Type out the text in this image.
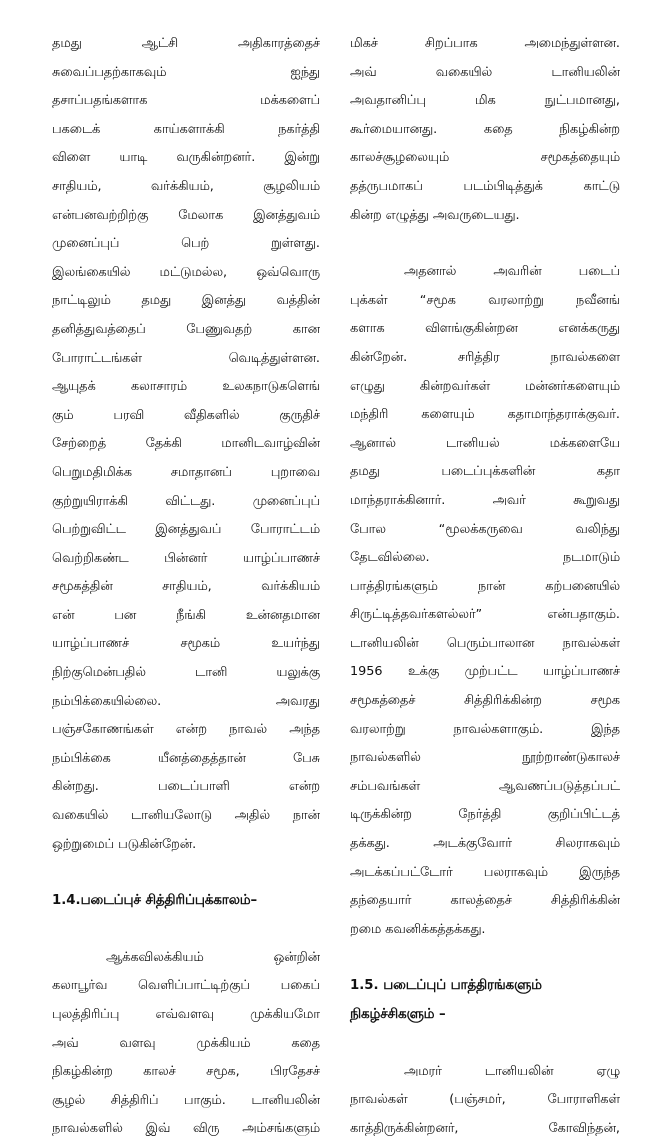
தமது ஆட்சி அதிகாரத்தைச்
சுவைப்பதற்காகவும் ஐந்து
தசாப்பதங்களாக மக்களைப்
பகடைக் காய்களாக்கி நகர்த்தி
விளை யாடி வருகின்றனர். இன்று
சாதியம், வர்க்கியம், சூழலியம்
என்பனவற்றிற்கு மேலாக இனத்துவம்
முனைப்புப் பெற் றுள்ளது.
இலங்கையில் மட்டுமல்ல, ஒவ்வொரு
நாட்டிலும் தமது இனத்து வத்தின்
தனித்துவத்தைப் பேணுவதற் கான
போராட்டங்கள் வெடித்துள்ளன.
ஆயுதக் கலாசாரம் உலகநாடுகளெங்
கும் பரவி வீதிகளில் குருதிச்
சேற்றைத் தேக்கி மானிடவாழ்வின்
பெறுமதிமிக்க சமாதானப் புறாவை
குற்றுயிராக்கி விட்டது. முனைப்புப்
பெற்றுவிட்ட இனத்துவப் போராட்டம்
வெற்றிகண்ட பின்னர் யாழ்ப்பாணச்
சமூகத்தின் சாதியம், வர்க்கியம்
என் பன நீங்கி உன்னதமான
யாழ்ப்பாணச் சமூகம் உயர்ந்து
நிற்குமென்பதில் டானி யலுக்கு
நம்பிக்கையில்லை. அவரது
பஞ்சகோணங்கள் என்ற நாவல் அந்த
நம்பிக்கை யீனத்தைத்தான் பேசு
கின்றது. படைப்பாளி என்ற
வகையில் டானியலோடு அதில் நான்
ஒற்றுமைப் படுகின்றேன்.
1.4.படைப்புச் சித்திரிப்புக்காலம்–
ஆக்கவிலக்கியம் ஒன்றின்
கலாபூர்வ வெளிப்பாட்டிற்குப் பகைப்
புலத்திரிப்பு எவ்வளவு முக்கியமோ
அவ் வளவு முக்கியம் கதை
நிகழ்கின்ற காலச் சமூக, பிரதேசச்
சூழல் சித்திரிப் பாகும். டானியலின்
நாவல்களில் இவ் விரு அம்சங்களும்
மிகச் சிறப்பாக அமைந்துள்ளன.
அவ் வகையில் டானியலின்
அவதானிப்பு மிக நுட்பமானது,
கூர்மையானது. கதை நிகழ்கின்ற
காலச்சூழலையும் சமூகத்தையும்
தத்ருபமாகப் படம்பிடித்துக் காட்டு
கின்ற எழுத்து அவருடையது.
அதனால் அவரின் படைப்
புக்கள் “சமூக வரலாற்று நவீனங்
களாக விளங்குகின்றன எனக்கருது
கின்றேன். சரித்திர நாவல்களை
எழுது கின்றவர்கள் மன்னர்களையும்
மந்திரி களையும் கதாமாந்தராக்குவர்.
ஆனால் டானியல் மக்களையே
தமது படைப்புக்களின் கதா
மாந்தராக்கினார். அவர் கூறுவது
போல “மூலக்கருவை வலிந்து
தேடவில்லை. நடமாடும்
பாத்திரங்களும் நான் கற்பனையில்
சிருட்டித்தவர்களல்லர்” என்பதாகும்.
டானியலின் பெரும்பாலான நாவல்கள்
1956 உக்கு முற்பட்ட யாழ்ப்பாணச்
சமூகத்தைச் சித்திரிக்கின்ற சமூக
வரலாற்று நாவல்களாகும். இந்த
நாவல்களில் நூற்றாண்டுகாலச்
சம்பவங்கள் ஆவணப்படுத்தப்பட்
டிருக்கின்ற நேர்த்தி குறிப்பிட்டத்
தக்கது. அடக்குவோர் சிலராகவும்
அடக்கப்பட்டோர் பலராகவும் இருந்த
தந்தையார் காலத்தைச் சித்திரிக்கின்
றமை கவனிக்கத்தக்கது.
1.5. படைப்புப் பாத்திரங்களும்
நிகழ்ச்சிகளும் –
அமரர் டானியலின் ஏழு
நாவல்கள் (பஞ்சமர், போராளிகள்
காத்திருக்கின்றனர், கோவிந்தன்,
